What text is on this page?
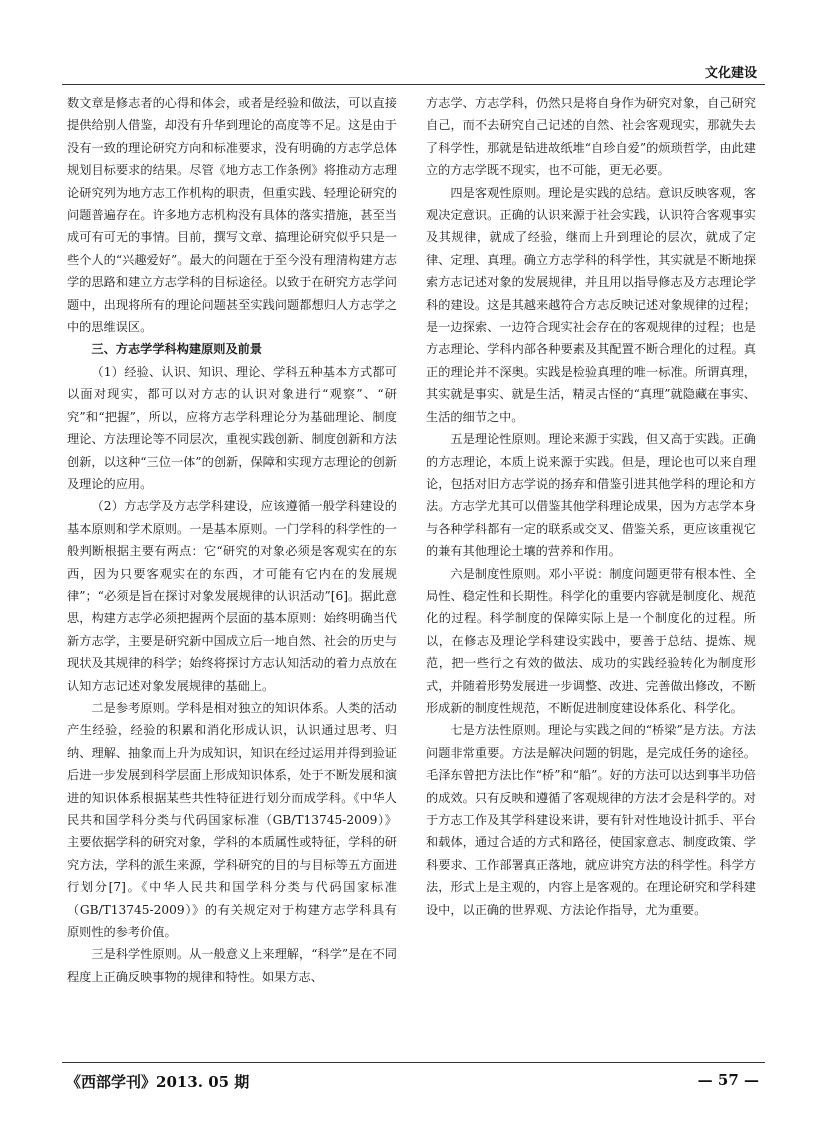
文化建设

数文章是修志者的心得和体会，或者是经验和做法，可以直接提供给别人借鉴，却没有升华到理论的高度等不足。这是由于没有一致的理论研究方向和标准要求，没有明确的方志学总体规划目标要求的结果。尽管《地方志工作条例》将推动方志理论研究列为地方志工作机构的职责，但重实践、轻理论研究的问题普遍存在。许多地方志机构没有具体的落实措施，甚至当成可有可无的事情。目前，撰写文章、搞理论研究似乎只是一些个人的“兴趣爱好”。最大的问题在于至今没有理清构建方志学的思路和建立方志学科的目标途径。以致于在研究方志学问题中，出现将所有的理论问题甚至实践问题都想归人方志学之中的思维误区。

三、方志学学科构建原则及前景

（1）经验、认识、知识、理论、学科五种基本方式都可以面对现实，都可以对方志的认识对象进行“观察”、“研究”和“把握”，所以，应将方志学科理论分为基础理论、制度理论、方法理论等不同层次，重视实践创新、制度创新和方法创新，以这种“三位一体”的创新，保障和实现方志理论的创新及理论的应用。

（2）方志学及方志学科建设，应该遵循一般学科建设的基本原则和学术原则。一是基本原则。一门学科的科学性的一般判断根据主要有两点：它“研究的对象必须是客观实在的东西，因为只要客观实在的东西，才可能有它内在的发展规律”；“必须是旨在探讨对象发展规律的认识活动”[6]。据此意思，构建方志学必须把握两个层面的基本原则：始终明确当代新方志学，主要是研究新中国成立后一地自然、社会的历史与现状及其规律的科学；始终将探讨方志认知活动的着力点放在认知方志记述对象发展规律的基础上。

二是参考原则。学科是相对独立的知识体系。人类的活动产生经验，经验的积累和消化形成认识，认识通过思考、归纳、理解、抽象而上升为成知识，知识在经过运用并得到验证后进一步发展到科学层面上形成知识体系，处于不断发展和演进的知识体系根据某些共性特征进行划分而成学科。《中华人民共和国学科分类与代码国家标准（GB/T13745-2009）》主要依据学科的研究对象，学科的本质属性或特征，学科的研究方法，学科的派生来源，学科研究的目的与目标等五方面进行划分[7]。《中华人民共和国学科分类与代码国家标准（GB/T13745-2009）》的有关规定对于构建方志学科具有原则性的参考价值。

三是科学性原则。从一般意义上来理解，“科学”是在不同程度上正确反映事物的规律和特性。如果方志、

方志学、方志学科，仍然只是将自身作为研究对象，自己研究自己，而不去研究自己记述的自然、社会客观现实，那就失去了科学性，那就是钻进故纸堆“自珍自爱”的烦琐哲学，由此建立的方志学既不现实，也不可能，更无必要。

四是客观性原则。理论是实践的总结。意识反映客观，客观决定意识。正确的认识来源于社会实践，认识符合客观事实及其规律，就成了经验，继而上升到理论的层次，就成了定律、定理、真理。确立方志学科的科学性，其实就是不断地探索方志记述对象的发展规律，并且用以指导修志及方志理论学科的建设。这是其越来越符合方志反映记述对象规律的过程；是一边探索、一边符合现实社会存在的客观规律的过程；也是方志理论、学科内部各种要素及其配置不断合理化的过程。真正的理论并不深奥。实践是检验真理的唯一标准。所谓真理，其实就是事实、就是生活，精灵古怪的“真理”就隐藏在事实、生活的细节之中。

五是理论性原则。理论来源于实践，但又高于实践。正确的方志理论，本质上说来源于实践。但是，理论也可以来自理论，包括对旧方志学说的扬弃和借鉴引进其他学科的理论和方法。方志学尤其可以借鉴其他学科理论成果，因为方志学本身与各种学科都有一定的联系或交叉、借鉴关系，更应该重视它的兼有其他理论土壤的营养和作用。

六是制度性原则。邓小平说：制度问题更带有根本性、全局性、稳定性和长期性。科学化的重要内容就是制度化、规范化的过程。科学制度的保障实际上是一个制度化的过程。所以，在修志及理论学科建设实践中，要善于总结、提炼、规范，把一些行之有效的做法、成功的实践经验转化为制度形式，并随着形势发展进一步调整、改进、完善做出修改，不断形成新的制度性规范，不断促进制度建设体系化、科学化。

七是方法性原则。理论与实践之间的“桥梁”是方法。方法问题非常重要。方法是解决问题的钥匙，是完成任务的途径。毛泽东曾把方法比作“桥”和“船”。好的方法可以达到事半功倍的成效。只有反映和遵循了客观规律的方法才会是科学的。对于方志工作及其学科建设来讲，要有针对性地设计抓手、平台和载体，通过合适的方式和路径，使国家意志、制度政策、学科要求、工作部署真正落地，就应讲究方法的科学性。科学方法，形式上是主观的，内容上是客观的。在理论研究和学科建设中，以正确的世界观、方法论作指导，尤为重要。

《西部学刊》2013. 05 期	— 57 —
